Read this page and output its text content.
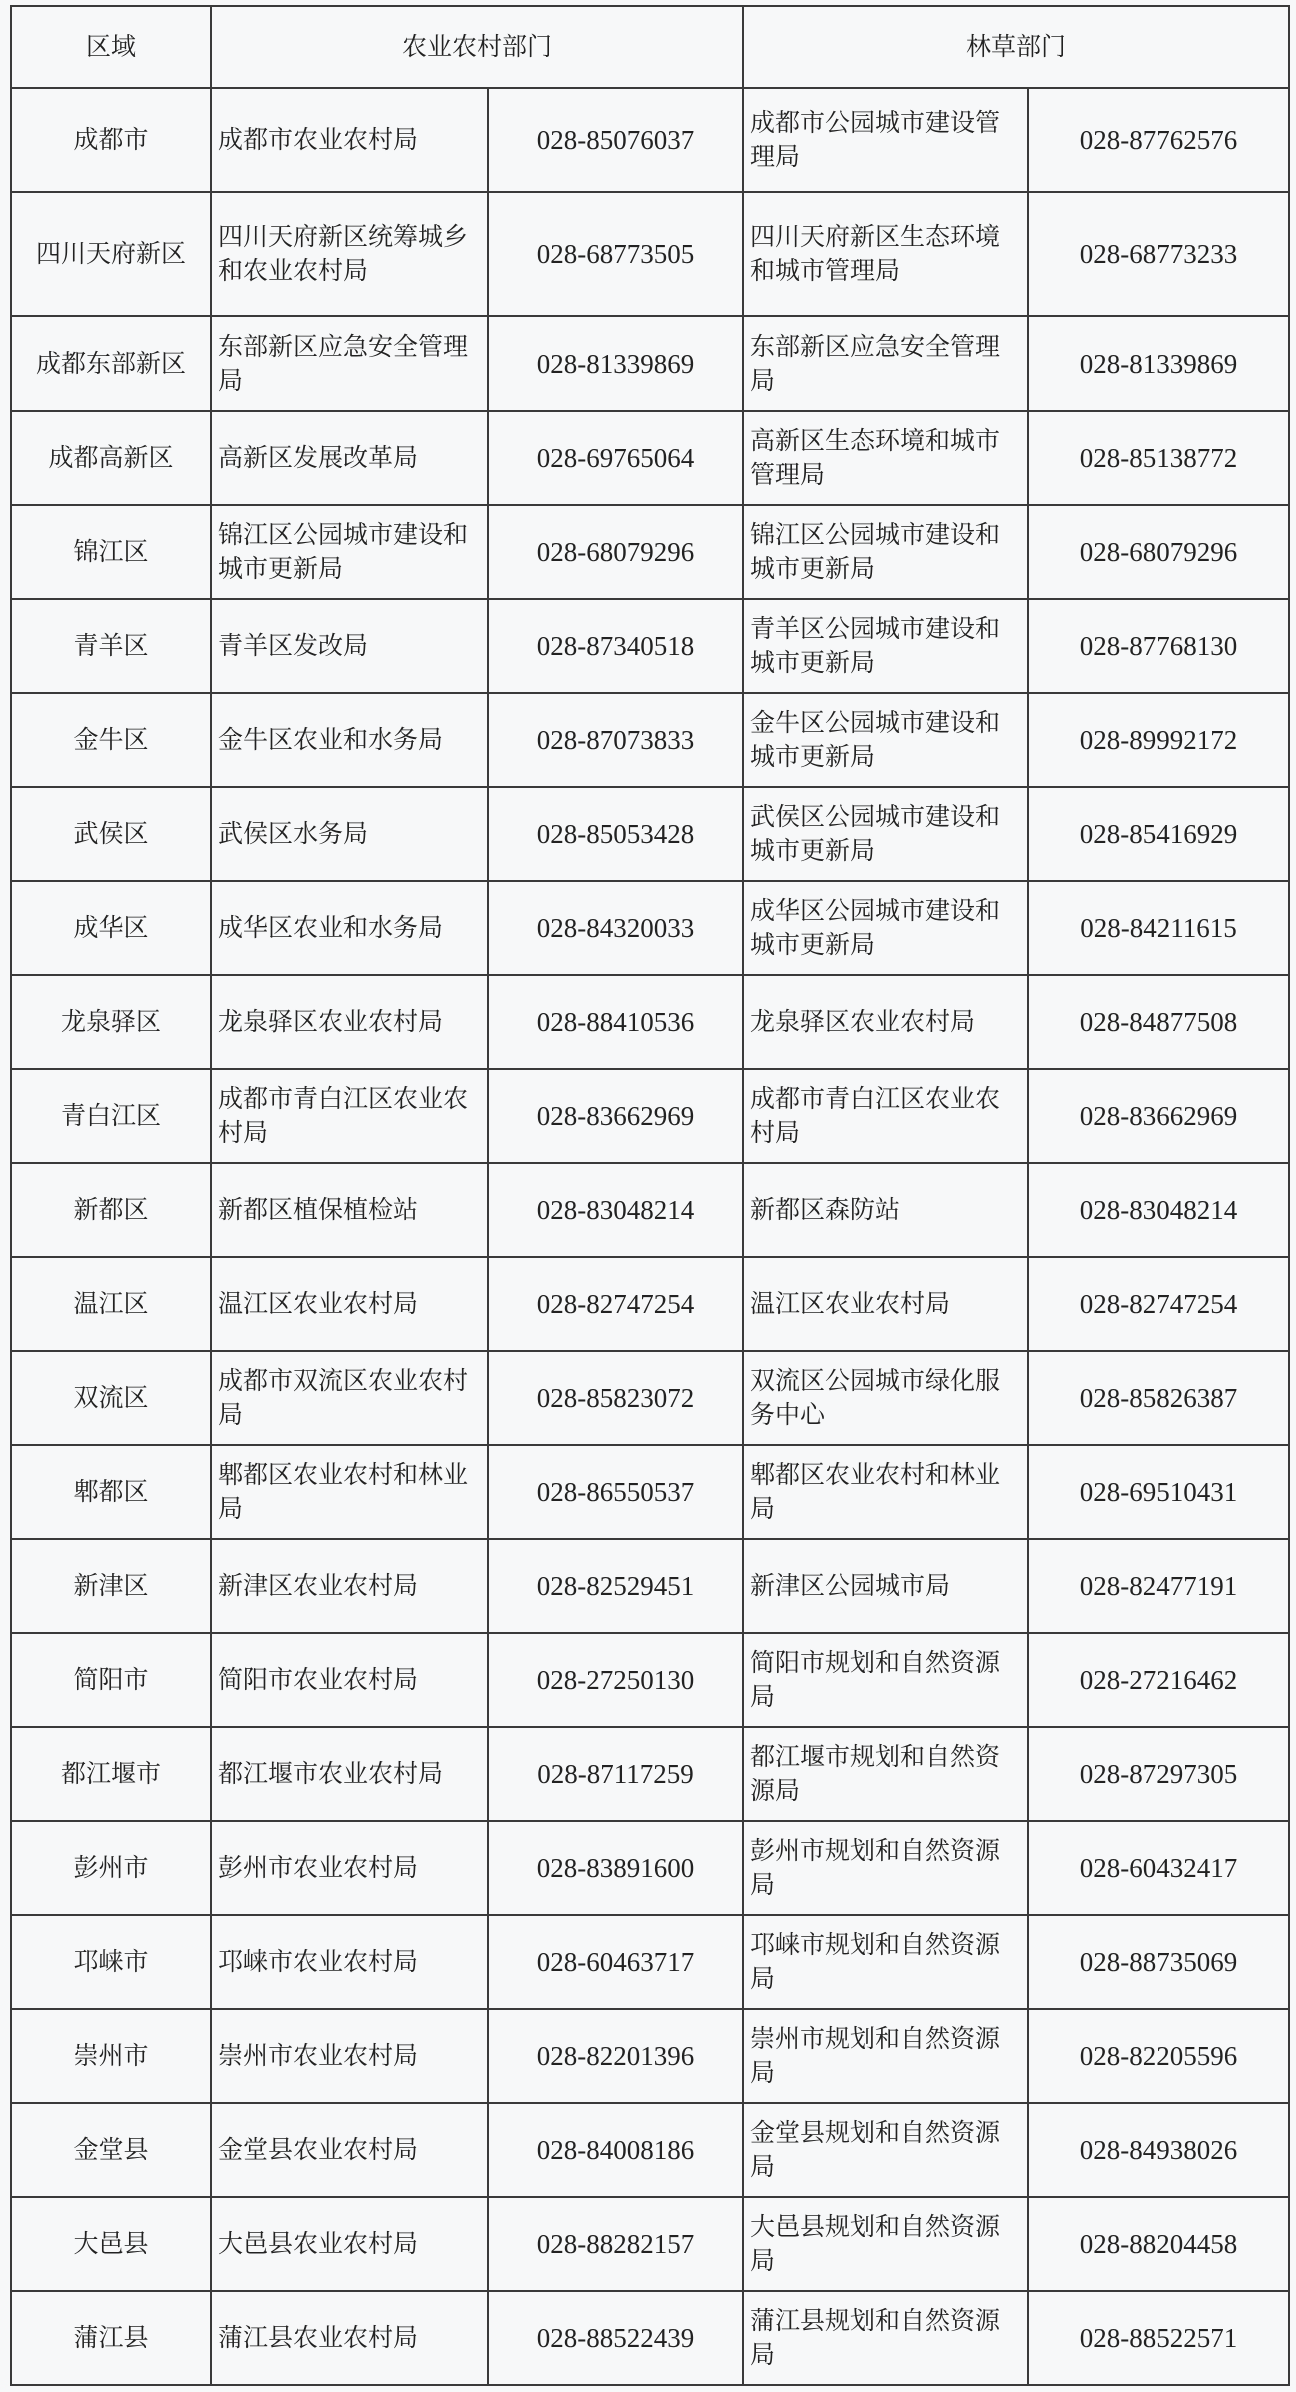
区域	农业农村部门		林草部门	
成都市	成都市农业农村局	028-85076037	成都市公园城市建设管理局	028-87762576
四川天府新区	四川天府新区统筹城乡和农业农村局	028-68773505	四川天府新区生态环境和城市管理局	028-68773233
成都东部新区	东部新区应急安全管理局	028-81339869	东部新区应急安全管理局	028-81339869
成都高新区	高新区发展改革局	028-69765064	高新区生态环境和城市管理局	028-85138772
锦江区	锦江区公园城市建设和城市更新局	028-68079296	锦江区公园城市建设和城市更新局	028-68079296
青羊区	青羊区发改局	028-87340518	青羊区公园城市建设和城市更新局	028-87768130
金牛区	金牛区农业和水务局	028-87073833	金牛区公园城市建设和城市更新局	028-89992172
武侯区	武侯区水务局	028-85053428	武侯区公园城市建设和城市更新局	028-85416929
成华区	成华区农业和水务局	028-84320033	成华区公园城市建设和城市更新局	028-84211615
龙泉驿区	龙泉驿区农业农村局	028-88410536	龙泉驿区农业农村局	028-84877508
青白江区	成都市青白江区农业农村局	028-83662969	成都市青白江区农业农村局	028-83662969
新都区	新都区植保植检站	028-83048214	新都区森防站	028-83048214
温江区	温江区农业农村局	028-82747254	温江区农业农村局	028-82747254
双流区	成都市双流区农业农村局	028-85823072	双流区公园城市绿化服务中心	028-85826387
郫都区	郫都区农业农村和林业局	028-86550537	郫都区农业农村和林业局	028-69510431
新津区	新津区农业农村局	028-82529451	新津区公园城市局	028-82477191
简阳市	简阳市农业农村局	028-27250130	简阳市规划和自然资源局	028-27216462
都江堰市	都江堰市农业农村局	028-87117259	都江堰市规划和自然资源局	028-87297305
彭州市	彭州市农业农村局	028-83891600	彭州市规划和自然资源局	028-60432417
邛崃市	邛崃市农业农村局	028-60463717	邛崃市规划和自然资源局	028-88735069
崇州市	崇州市农业农村局	028-82201396	崇州市规划和自然资源局	028-82205596
金堂县	金堂县农业农村局	028-84008186	金堂县规划和自然资源局	028-84938026
大邑县	大邑县农业农村局	028-88282157	大邑县规划和自然资源局	028-88204458
蒲江县	蒲江县农业农村局	028-88522439	蒲江县规划和自然资源局	028-88522571
